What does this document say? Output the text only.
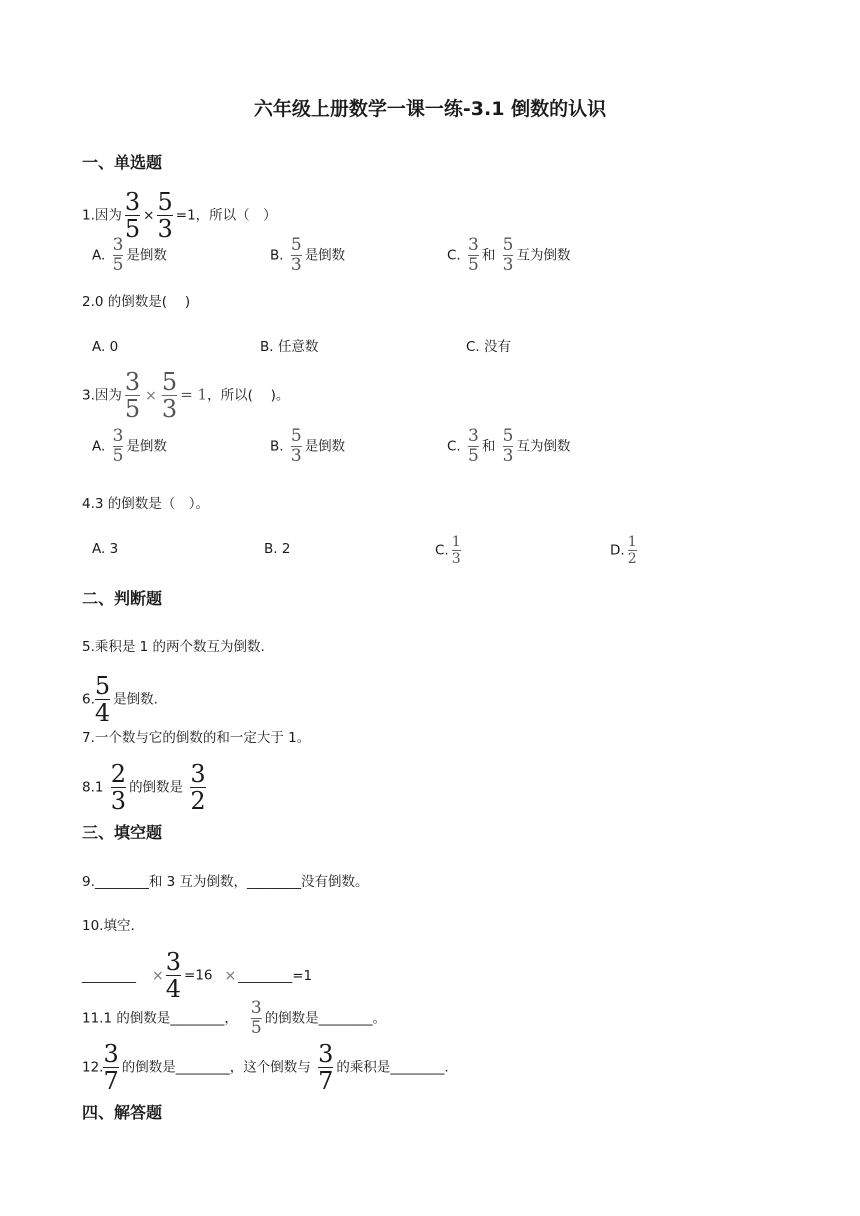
六年级上册数学一课一练-3.1 倒数的认识
一、单选题
1.因为 $\frac{3}{5} \times \frac{5}{3} =1$，所以（　）
A. $\frac{3}{5}$ 是倒数	B. $\frac{5}{3}$ 是倒数	C. $\frac{3}{5}$ 和 $\frac{5}{3}$ 互为倒数
2.0 的倒数是(　 )
A. 0	B. 任意数	C. 没有
3.因为 $\frac{3}{5} \times \frac{5}{3} = 1$，所以(　 )。
A. $\frac{3}{5}$ 是倒数	B. $\frac{5}{3}$ 是倒数	C. $\frac{3}{5}$ 和 $\frac{5}{3}$ 互为倒数
4.3 的倒数是（　）。
A. 3	B. 2	C. $\frac{1}{3}$	D. $\frac{1}{2}$
二、判断题
5.乘积是 1 的两个数互为倒数.
6. $\frac{5}{4}$ 是倒数.
7.一个数与它的倒数的和一定大于 1。
$8.1 \frac{2}{3}$ 的倒数是 $\frac{3}{2}$
三、填空题
9.________和 3 互为倒数，________没有倒数。
10.填空.
________ × $\frac{3}{4} =16$ × ________=1
11.1 的倒数是________， $\frac{3}{5}$ 的倒数是________。
12. $\frac{3}{7}$ 的倒数是________，这个倒数与 $\frac{3}{7}$ 的乘积是________.
四、解答题
